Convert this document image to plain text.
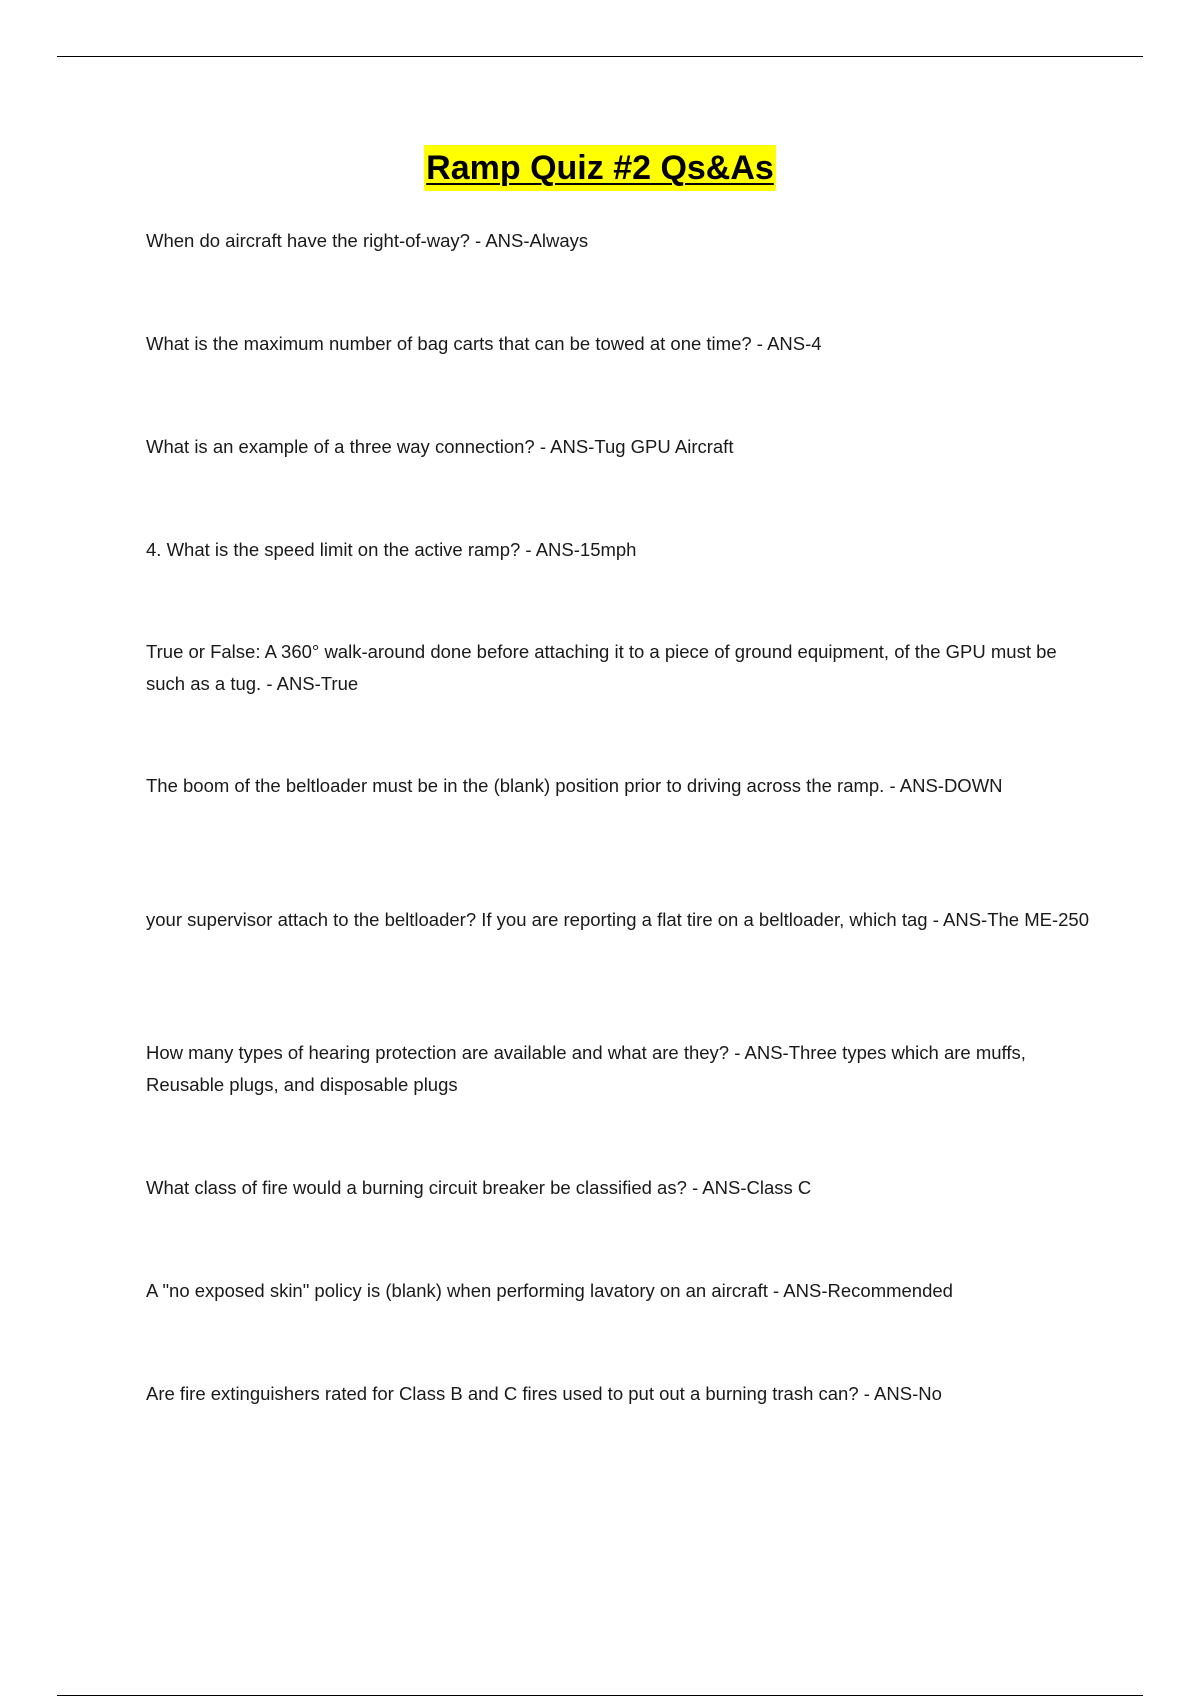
Ramp Quiz #2 Qs&As

When do aircraft have the right-of-way? - ANS-Always

What is the maximum number of bag carts that can be towed at one time? - ANS-4

What is an example of a three way connection? - ANS-Tug GPU Aircraft

4. What is the speed limit on the active ramp? - ANS-15mph

True or False: A 360° walk-around done before attaching it to a piece of ground equipment, of the GPU must be such as a tug. - ANS-True

The boom of the beltloader must be in the (blank) position prior to driving across the ramp. - ANS-DOWN

your supervisor attach to the beltloader? If you are reporting a flat tire on a beltloader, which tag - ANS-The ME-250

How many types of hearing protection are available and what are they? - ANS-Three types which are muffs, Reusable plugs, and disposable plugs

What class of fire would a burning circuit breaker be classified as? - ANS-Class C

A "no exposed skin" policy is (blank) when performing lavatory on an aircraft - ANS-Recommended

Are fire extinguishers rated for Class B and C fires used to put out a burning trash can? - ANS-No
